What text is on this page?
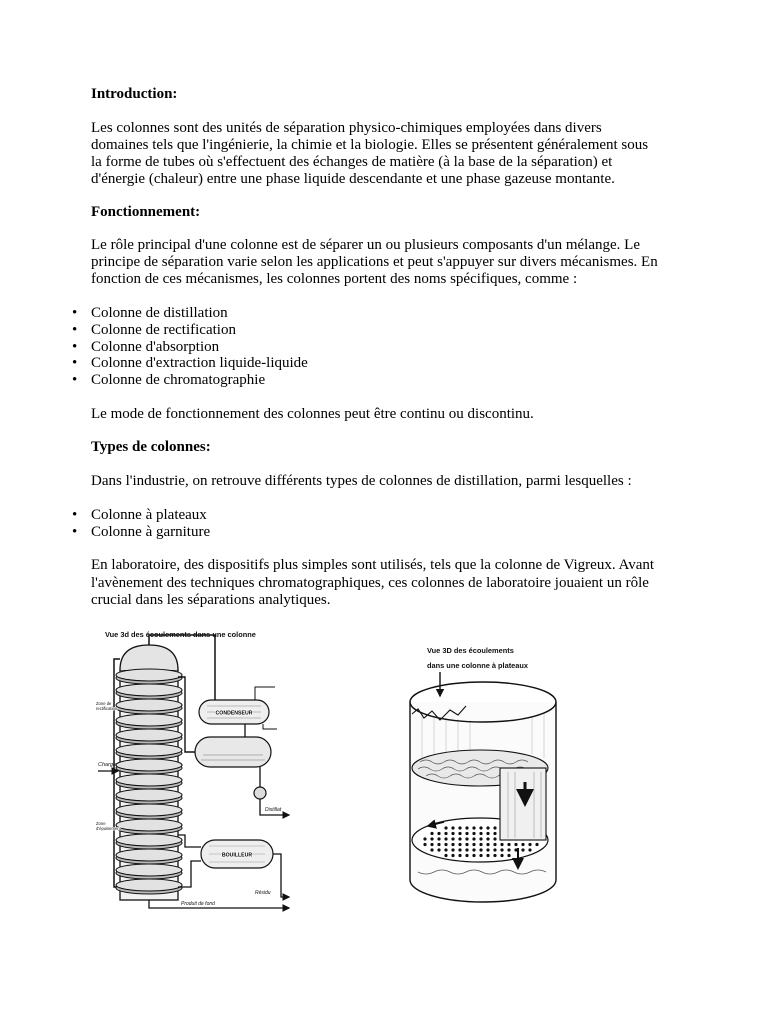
Introduction:
Les colonnes sont des unités de séparation physico-chimiques employées dans divers
domaines tels que l'ingénierie, la chimie et la biologie. Elles se présentent généralement sous
la forme de tubes où s'effectuent des échanges de matière (à la base de la séparation) et
d'énergie (chaleur) entre une phase liquide descendante et une phase gazeuse montante.
Fonctionnement:
Le rôle principal d'une colonne est de séparer un ou plusieurs composants d'un mélange. Le
principe de séparation varie selon les applications et peut s'appuyer sur divers mécanismes. En
fonction de ces mécanismes, les colonnes portent des noms spécifiques, comme :
• Colonne de distillation
• Colonne de rectification
• Colonne d'absorption
• Colonne d'extraction liquide-liquide
• Colonne de chromatographie
Le mode de fonctionnement des colonnes peut être continu ou discontinu.
Types de colonnes:
Dans l'industrie, on retrouve différents types de colonnes de distillation, parmi lesquelles :
• Colonne à plateaux
• Colonne à garniture
En laboratoire, des dispositifs plus simples sont utilisés, tels que la colonne de Vigreux. Avant
l'avènement des techniques chromatographiques, ces colonnes de laboratoire jouaient un rôle
crucial dans les séparations analytiques.
Vue 3d des écoulements dans une colonne
CONDENSEUR
Distillat
BOUILLEUR
Résidu
Produit de fond
Charge
Zone de
rectification
Zone
d'épuisement
Vue 3D des écoulements
dans une colonne à plateaux
